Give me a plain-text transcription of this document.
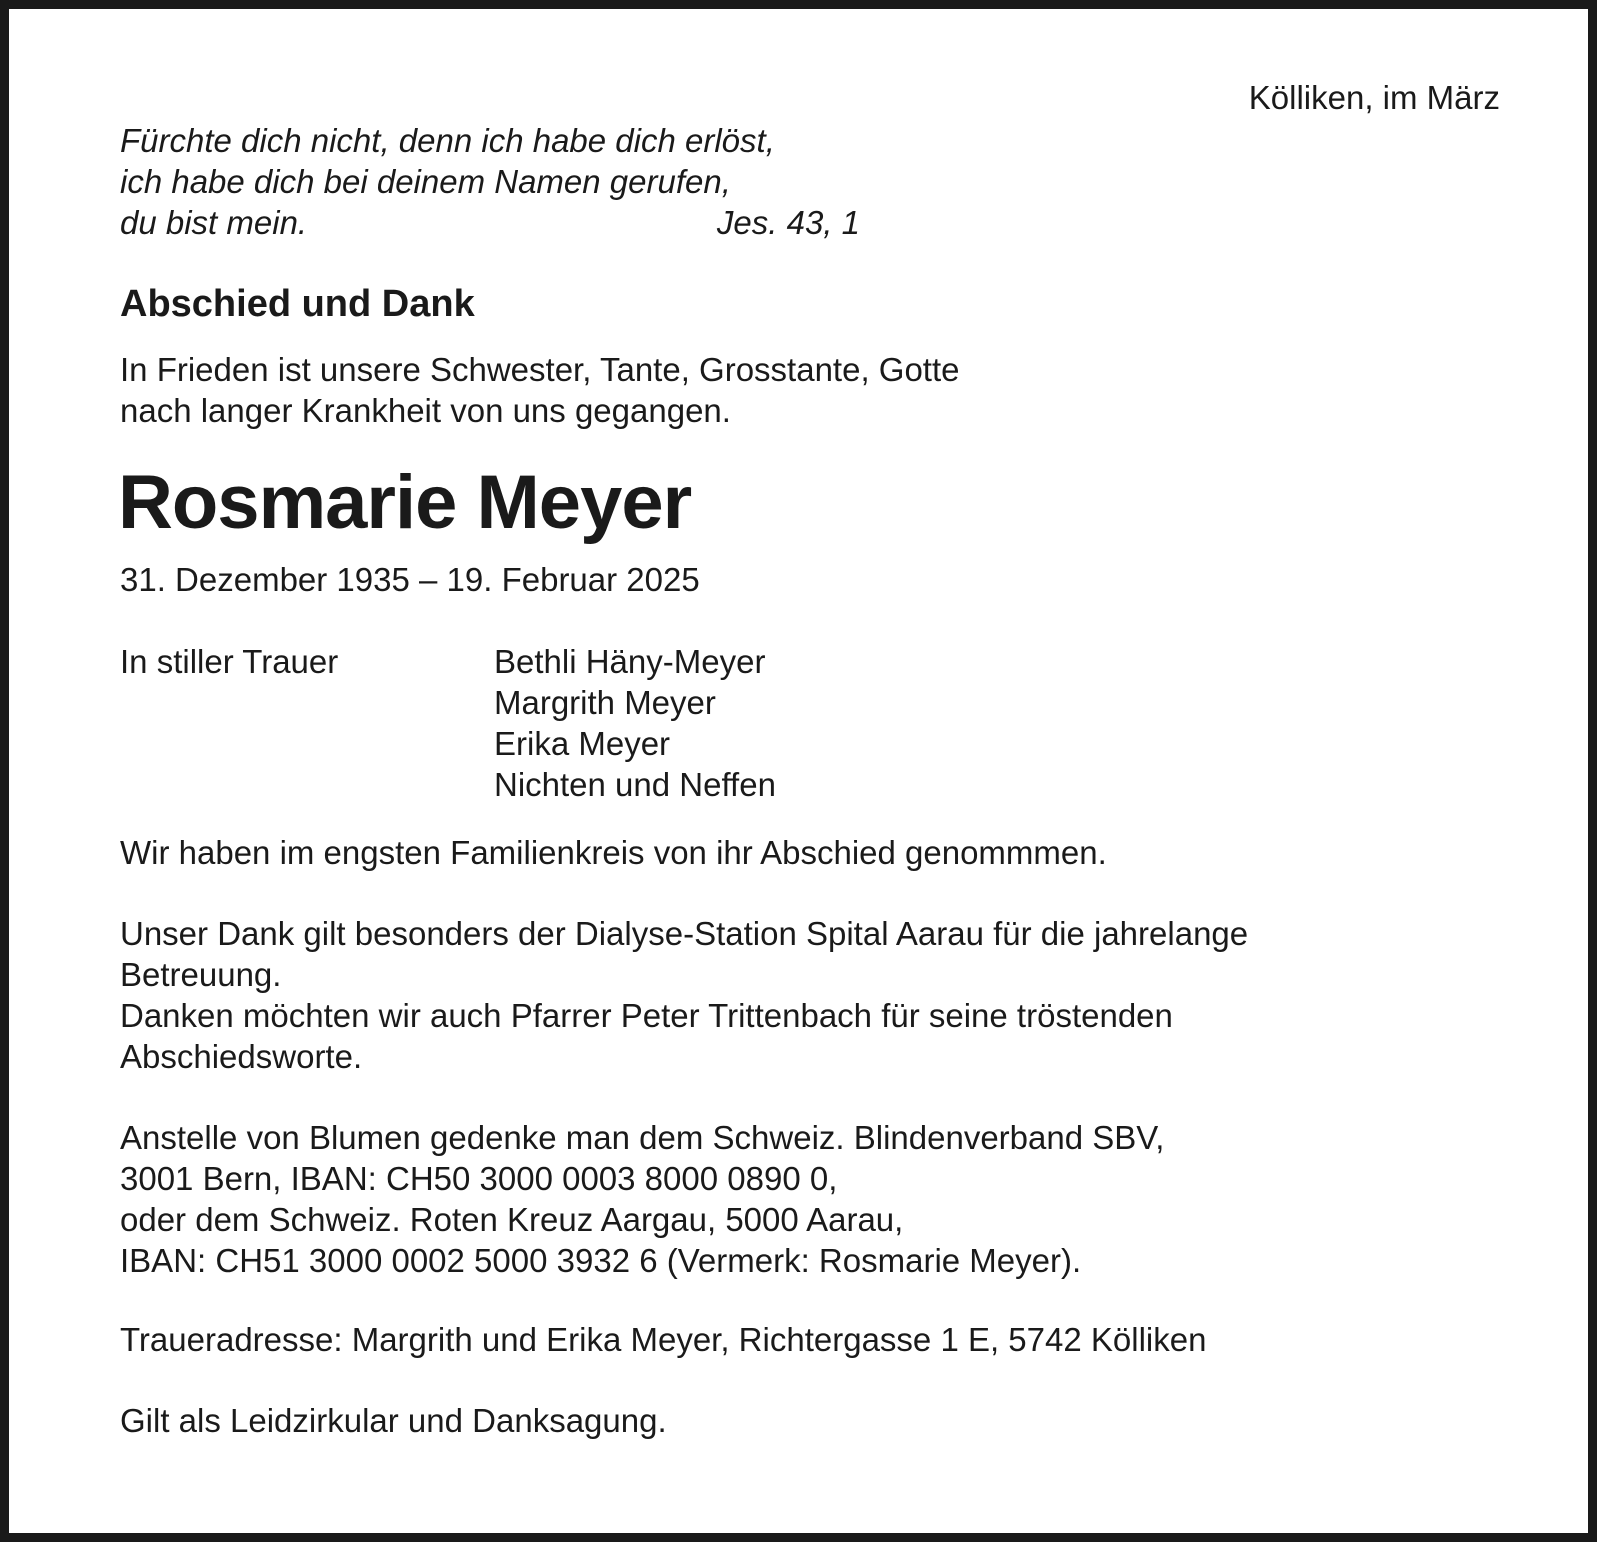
Kölliken, im März
Fürchte dich nicht, denn ich habe dich erlöst,
ich habe dich bei deinem Namen gerufen,
du bist mein.	Jes. 43, 1
Abschied und Dank
In Frieden ist unsere Schwester, Tante, Grosstante, Gotte
nach langer Krankheit von uns gegangen.
Rosmarie Meyer
31. Dezember 1935 – 19. Februar 2025
In stiller Trauer	Bethli Häny-Meyer
Margrith Meyer
Erika Meyer
Nichten und Neffen
Wir haben im engsten Familienkreis von ihr Abschied genommmen.
Unser Dank gilt besonders der Dialyse-Station Spital Aarau für die jahrelange
Betreuung.
Danken möchten wir auch Pfarrer Peter Trittenbach für seine tröstenden
Abschiedsworte.
Anstelle von Blumen gedenke man dem Schweiz. Blindenverband SBV,
3001 Bern, IBAN: CH50 3000 0003 8000 0890 0,
oder dem Schweiz. Roten Kreuz Aargau, 5000 Aarau,
IBAN: CH51 3000 0002 5000 3932 6 (Vermerk: Rosmarie Meyer).
Traueradresse: Margrith und Erika Meyer, Richtergasse 1 E, 5742 Kölliken
Gilt als Leidzirkular und Danksagung.
